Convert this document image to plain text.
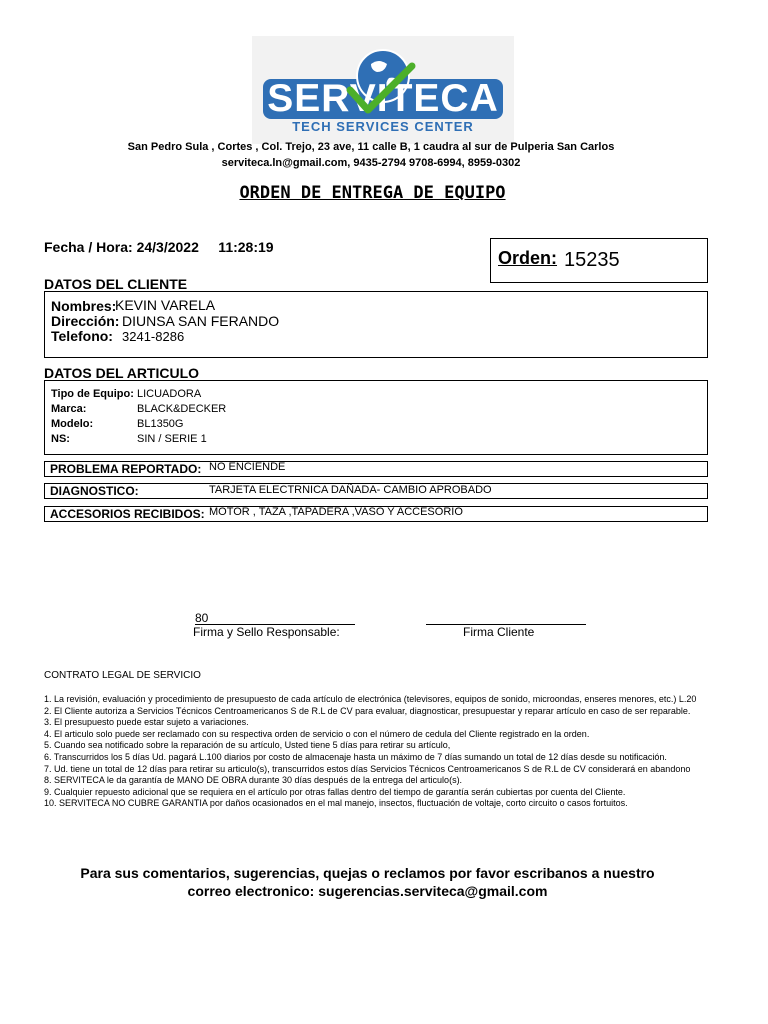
SERVITECA
TECH SERVICES CENTER
San Pedro Sula , Cortes , Col. Trejo, 23 ave, 11 calle B, 1 caudra al sur de Pulperia San Carlos
serviteca.ln@gmail.com, 9435-2794 9708-6994, 8959-0302
ORDEN DE ENTREGA DE EQUIPO
Fecha / Hora: 24/3/2022     11:28:19
Orden: 15235
DATOS DEL CLIENTE
Nombres:
KEVIN VARELA
Dirección: DIUNSA SAN FERANDO
Telefono: 3241-8286
DATOS DEL ARTICULO
Tipo de Equipo: LICUADORA
Marca:	BLACK&DECKER
Modelo:	BL1350G
NS:	SIN / SERIE 1
PROBLEMA REPORTADO: NO ENCIENDE
DIAGNOSTICO:	TARJETA ELECTRNICA DAÑADA- CAMBIO APROBADO
ACCESORIOS RECIBIDOS: MOTOR , TAZA ,TAPADERA ,VASO Y ACCESORIO
80
Firma y Sello Responsable:	Firma Cliente
CONTRATO LEGAL DE SERVICIO
1. La revisión, evaluación y procedimiento de presupuesto de cada artículo de electrónica (televisores, equipos de sonido, microondas, enseres menores, etc.) L.20
2. El Cliente autoriza a Servicios Técnicos Centroamericanos S de R.L de CV para evaluar, diagnosticar, presupuestar y reparar artículo en caso de ser reparable.
3. El presupuesto puede estar sujeto a variaciones.
4. El articulo solo puede ser reclamado con su respectiva orden de servicio o con el número de cedula del Cliente registrado en la orden.
5. Cuando sea notificado sobre la reparación de su artículo, Usted tiene 5 días para retirar su artículo,
6. Transcurridos los 5 días Ud. pagará L.100 diarios por costo de almacenaje hasta un máximo de 7 días sumando un total de 12 días desde su notificación.
7. Ud. tiene un total de 12 días para retirar su articulo(s), transcurridos estos días Servicios Técnicos Centroamericanos S de R.L de CV considerará en abandono
8. SERVITECA le da garantía de MANO DE OBRA durante 30 días después de la entrega del articulo(s).
9. Cualquier repuesto adicional que se requiera en el artículo por otras fallas dentro del tiempo de garantía serán cubiertas por cuenta del Cliente.
10. SERVITECA NO CUBRE GARANTIA por daños ocasionados en el mal manejo, insectos, fluctuación de voltaje, corto circuito o casos fortuitos.
Para sus comentarios, sugerencias, quejas o reclamos por favor escribanos a nuestro
correo electronico: sugerencias.serviteca@gmail.com
